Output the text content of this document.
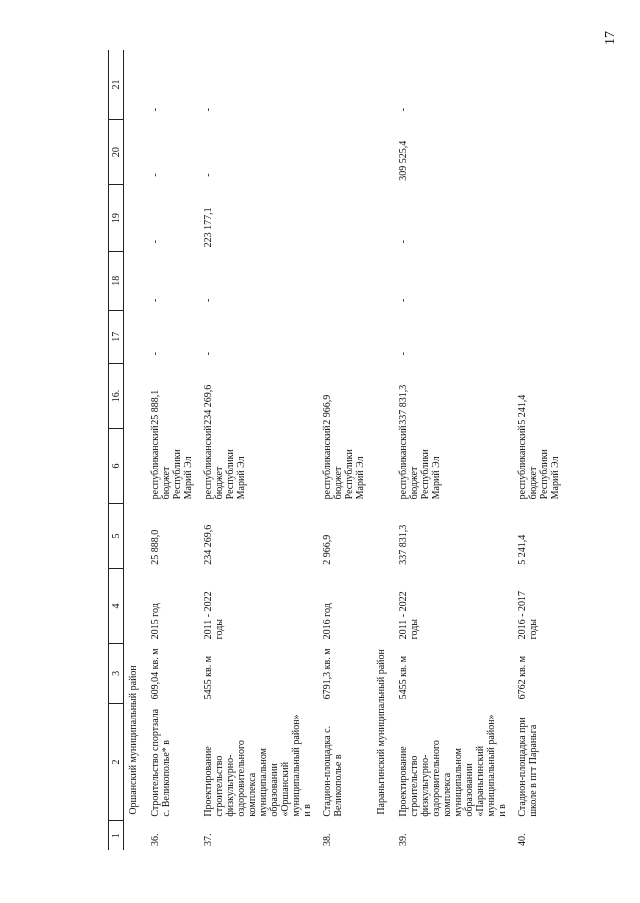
17
1	2	3	4	5	6	16.	17	18	19	20	21
	Оршанский муниципальный район										
36.	Строительство спортзала с. Великополье* в	609,04 кв. м	2015 год	25 888,0	республиканский бюджет Республики Марий Эл	25 888,1	-	-	-	-	-
37.	Проектирование строительство физкультурно-оздоровительного комплекса муниципальном образовании «Оршанский муниципальный район» и в	5455 кв. м	2011 - 2022 годы	234 269,6	республиканский бюджет Республики Марий Эл	234 269,6	-	-	223 177,1	-	-
38.	Стадион-площадка с. Великополье в	6791,3 кв. м	2016 год	2 966,9	республиканский бюджет Республики Марий Эл	2 966,9					
	Параньгинский муниципальный район										
39.	Проектирование строительство физкультурно-оздоровительного комплекса муниципальном образовании «Параньгинский муниципальный район» и в	5455 кв. м	2011 - 2022 годы	337 831,3	республиканский бюджет Республики Марий Эл	337 831,3	-	-	-	309 525,4	-
40.	Стадион-площадка при школе в пгт Параньга	6762 кв. м	2016 - 2017 годы	5 241,4	республиканский бюджет Республики Марий Эл	5 241,4					
